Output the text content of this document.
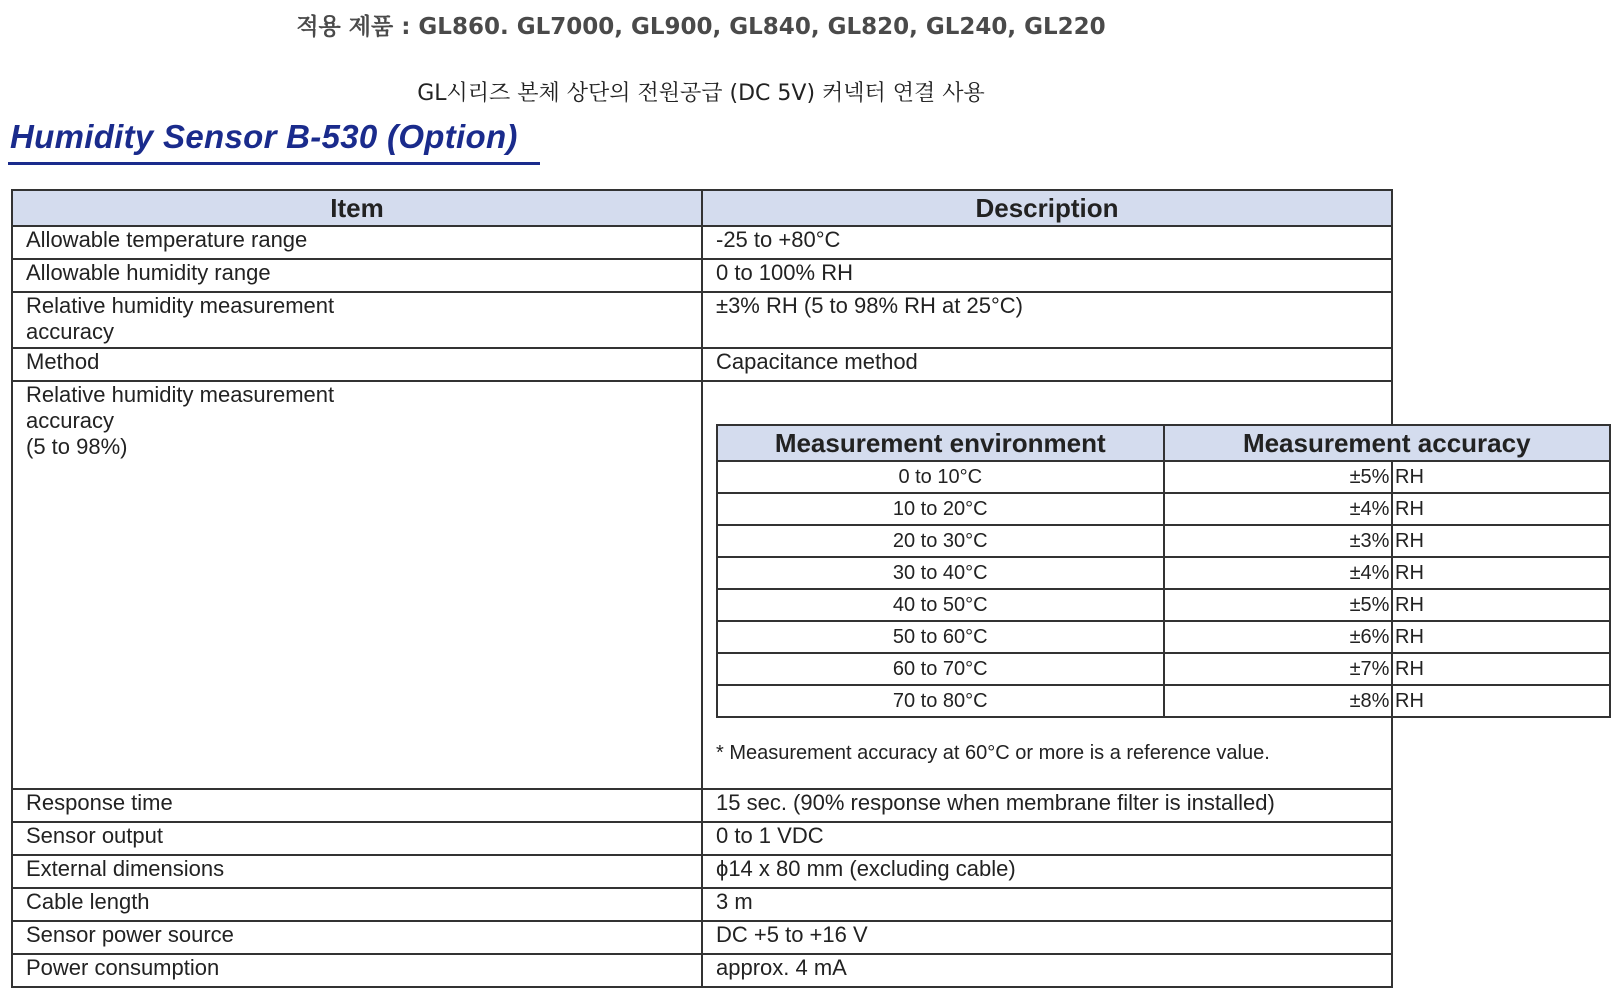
적용 제품 : GL860. GL7000, GL900, GL840, GL820, GL240, GL220
GL시리즈 본체 상단의 전원공급 (DC 5V) 커넥터 연결 사용
Humidity Sensor B-530 (Option)
Item	Description
Allowable temperature range	-25 to +80°C
Allowable humidity range	0 to 100% RH

Relative humidity measurement
accuracy
	±3% RH (5 to 98% RH at 25°C)
Method	Capacitance method

Relative humidity measurement
accuracy
(5 to 98%)
		Measurement environment	Measurement accuracy
0 to 10°C	±5% RH
10 to 20°C	±4% RH
20 to 30°C	±3% RH
30 to 40°C	±4% RH
40 to 50°C	±5% RH
50 to 60°C	±6% RH
60 to 70°C	±7% RH
70 to 80°C	±8% RH
* Measurement accuracy at 60°C or more is a reference value.

Response time	15 sec. (90% response when membrane filter is installed)
Sensor output	0 to 1 VDC
External dimensions	ϕ14 x 80 mm (excluding cable)
Cable length	3 m
Sensor power source	DC +5 to +16 V
Power consumption	approx. 4 mA
